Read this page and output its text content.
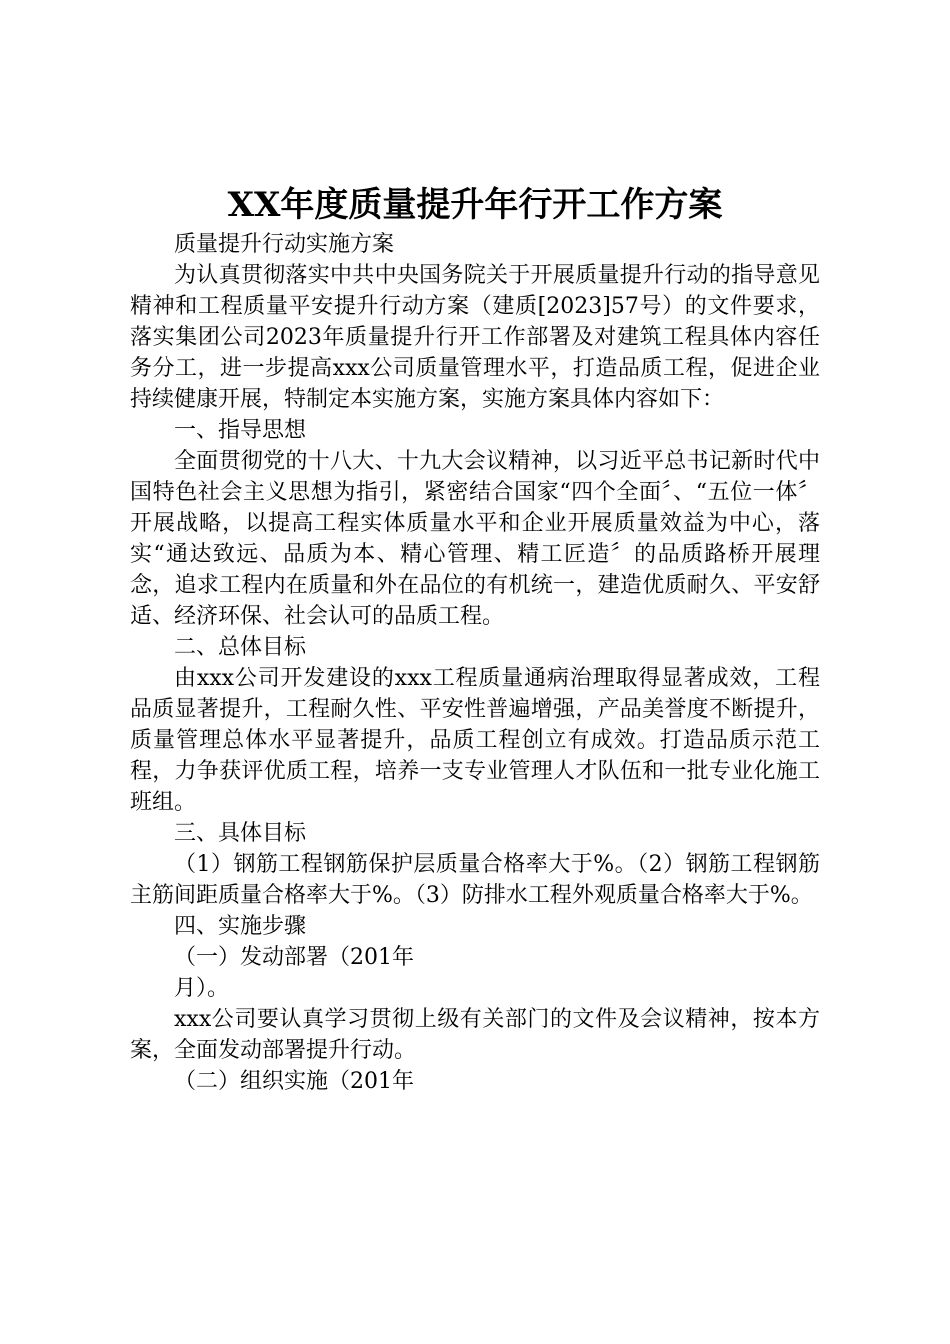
XX年度质量提升年行开工作方案

质量提升行动实施方案

为认真贯彻落实中共中央国务院关于开展质量提升行动的指导意见精神和工程质量平安提升行动方案（建质[2023]57号）的文件要求，落实集团公司2023年质量提升行开工作部署及对建筑工程具体内容任务分工，进一步提高xxx公司质量管理水平，打造品质工程，促进企业持续健康开展，特制定本实施方案，实施方案具体内容如下：

一、指导思想

全面贯彻党的十八大、十九大会议精神，以习近平总书记新时代中国特色社会主义思想为指引，紧密结合国家“四个全面〞、“五位一体〞开展战略，以提高工程实体质量水平和企业开展质量效益为中心，落实“通达致远、品质为本、精心管理、精工匠造〞的品质路桥开展理念，追求工程内在质量和外在品位的有机统一，建造优质耐久、平安舒适、经济环保、社会认可的品质工程。

二、总体目标

由xxx公司开发建设的xxx工程质量通病治理取得显著成效，工程品质显著提升，工程耐久性、平安性普遍增强，产品美誉度不断提升，质量管理总体水平显著提升，品质工程创立有成效。打造品质示范工程，力争获评优质工程，培养一支专业管理人才队伍和一批专业化施工班组。

三、具体目标

（1）钢筋工程钢筋保护层质量合格率大于%。（2）钢筋工程钢筋主筋间距质量合格率大于%。（3）防排水工程外观质量合格率大于%。

四、实施步骤

（一）发动部署（201年

月）。

xxx公司要认真学习贯彻上级有关部门的文件及会议精神，按本方案，全面发动部署提升行动。

（二）组织实施（201年
